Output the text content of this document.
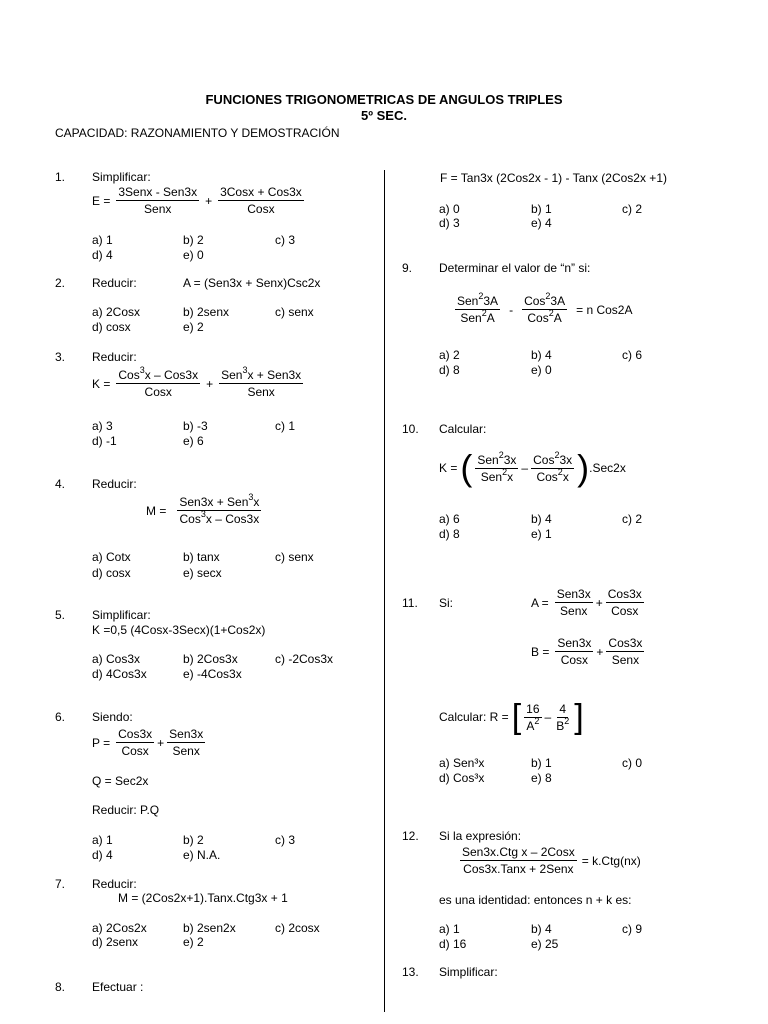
FUNCIONES TRIGONOMETRICAS DE ANGULOS TRIPLES
5º SEC.
CAPACIDAD: RAZONAMIENTO Y DEMOSTRACIÓN
1. Simplificar:
E =
3Senx - Sen3x
Senx
+
3Cosx + Cos3x
Cosx
a) 1	b) 2	c) 3
d) 4	e) 0
2. Reducir:	A = (Sen3x + Senx)Csc2x
a) 2Cosx	b) 2senx	c) senx
d) cosx	e) 2
3. Reducir:
K =
Cos$^3$x – Cos3x
Cosx
+
Sen$^3$x + Sen3x
Senx
a) 3	b) -3	c) 1
d) -1	e) 6
4. Reducir:
M =
Sen3x + Sen$^3$x
Cos$^3$x – Cos3x
a) Cotx	b) tanx	c) senx
d) cosx	e) secx
5. Simplificar:
K =0,5 (4Cosx-3Secx)(1+Cos2x)
a) Cos3x	b) 2Cos3x	c) -2Cos3x
d) 4Cos3x	e) -4Cos3x
6. Siendo:
P =
Cos3x
Cosx
+
Sen3x
Senx
Q = Sec2x
Reducir: P.Q
a) 1	b) 2	c) 3
d) 4	e) N.A.
7. Reducir:
M = (2Cos2x+1).Tanx.Ctg3x + 1
a) 2Cos2x	b) 2sen2x	c) 2cosx
d) 2senx	e) 2
8. Efectuar :
F = Tan3x (2Cos2x - 1) - Tanx (2Cos2x +1)
a) 0	b) 1	c) 2
d) 3	e) 4
9. Determinar el valor de “n” si:
Sen$^2$3A
Sen$^2$A
-
Cos$^2$3A
Cos$^2$A
= n Cos2A
a) 2	b) 4	c) 6
d) 8	e) 0
10. Calcular:
K = ( Sen$^2$3x
Sen$^2$x
–
Cos$^2$3x
Cos$^2$x ) .Sec2x
a) 6	b) 4	c) 2
d) 8	e) 1
11. Si:	A =
Sen3x
Senx
+
Cos3x
Cosx
B =
Sen3x
Cosx
+
Cos3x
Senx
Calcular: R = [ 16
$A^2$ –
4
$B^2$ ]
a) Sen³x	b) 1	c) 0
d) Cos³x	e) 8
12. Si la expresión:
Sen3x.Ctg x – 2Cosx
Cos3x.Tanx + 2Senx
= k.Ctg(nx)
es una identidad: entonces n + k es:
a) 1	b) 4	c) 9
d) 16	e) 25
13. Simplificar:
